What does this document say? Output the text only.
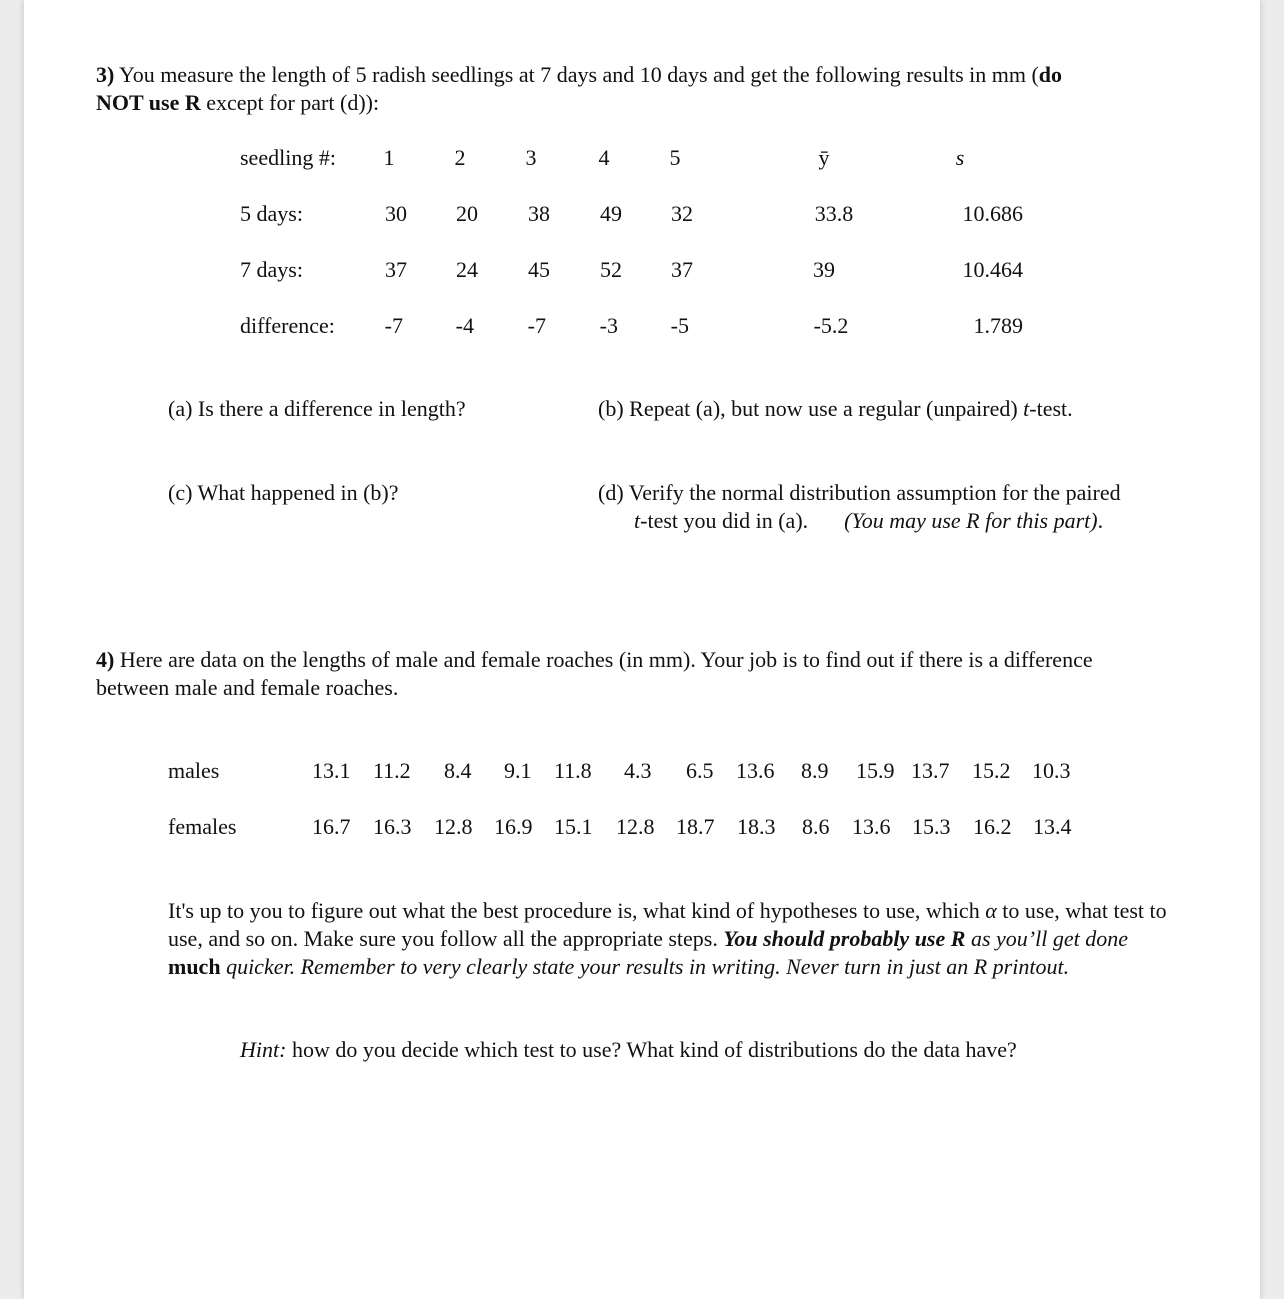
3) You measure the length of 5 radish seedlings at 7 days and 10 days and get the following results in mm (do
NOT use R except for part (d)):
seedling #: 1	2	3	4	5	ȳ	s
5 days:	30 20 38 49 32	33.8	10.686
7 days:	37 24 45 52 37	39	10.464
difference: -7 -4 -7 -3 -5	-5.2	1.789
(a) Is there a difference in length?	(b) Repeat (a), but now use a regular (unpaired) t-test.
(c) What happened in (b)?	(d) Verify the normal distribution assumption for the paired
t-test you did in (a). (You may use R for this part).
4) Here are data on the lengths of male and female roaches (in mm). Your job is to find out if there is a difference between male and female roaches.
males	13.1 11.2 8.4 9.1 11.8 4.3 6.5 13.6 8.9 15.9 13.7 15.2 10.3
females	16.7 16.3 12.8 16.9 15.1 12.8 18.7 18.3 8.6 13.6 15.3 16.2 13.4
It's up to you to figure out what the best procedure is, what kind of hypotheses to use, which α to use, what test to use, and so on. Make sure you follow all the appropriate steps. You should probably use R as you’ll get done much quicker. Remember to very clearly state your results in writing. Never turn in just an R printout.
Hint: how do you decide which test to use? What kind of distributions do the data have?
